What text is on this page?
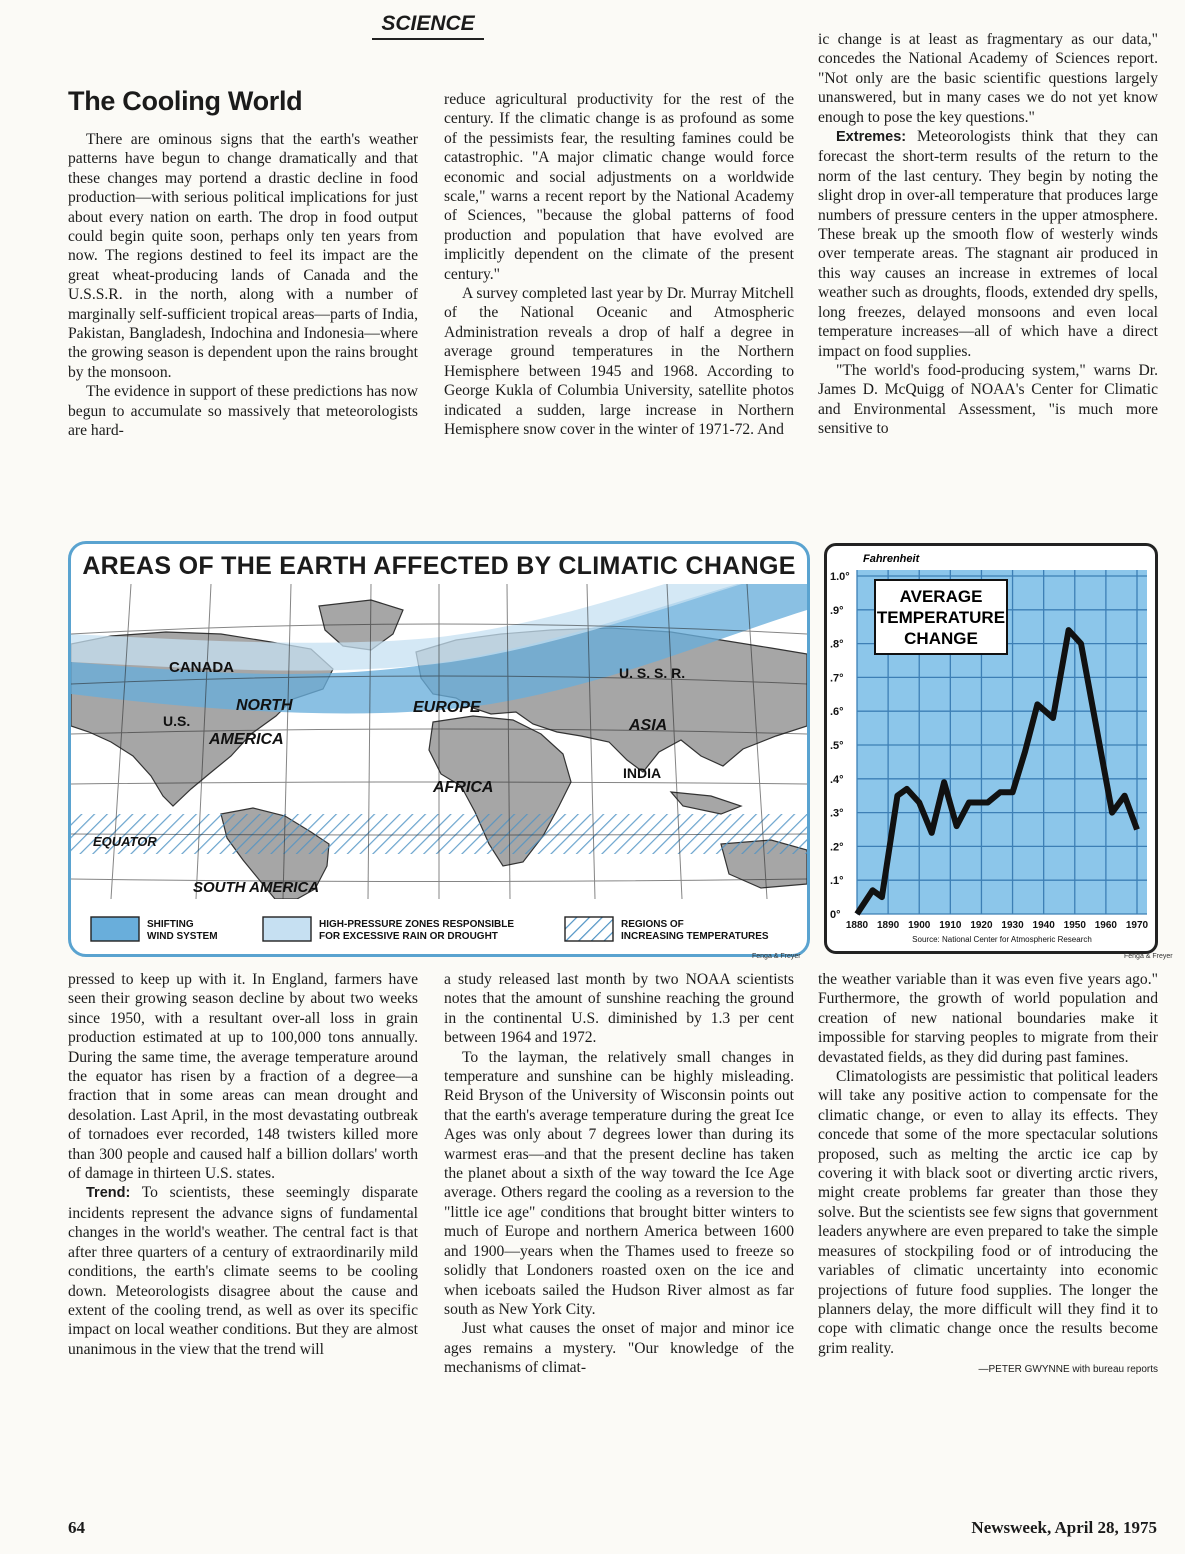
SCIENCE
The Cooling World

There are ominous signs that the earth's weather patterns have begun to change dramatically and that these changes may portend a drastic decline in food production—with serious political implications for just about every nation on earth. The drop in food output could begin quite soon, perhaps only ten years from now. The regions destined to feel its impact are the great wheat-producing lands of Canada and the U.S.S.R. in the north, along with a number of marginally self-sufficient tropical areas—parts of India, Pakistan, Bangladesh, Indochina and Indonesia—where the growing season is dependent upon the rains brought by the monsoon.

The evidence in support of these predictions has now begun to accumulate so massively that meteorologists are hard-

reduce agricultural productivity for the rest of the century. If the climatic change is as profound as some of the pessimists fear, the resulting famines could be catastrophic. "A major climatic change would force economic and social adjustments on a worldwide scale," warns a recent report by the National Academy of Sciences, "because the global patterns of food production and population that have evolved are implicitly dependent on the climate of the present century."

A survey completed last year by Dr. Murray Mitchell of the National Oceanic and Atmospheric Administration reveals a drop of half a degree in average ground temperatures in the Northern Hemisphere between 1945 and 1968. According to George Kukla of Columbia University, satellite photos indicated a sudden, large increase in Northern Hemisphere snow cover in the winter of 1971-72. And

ic change is at least as fragmentary as our data," concedes the National Academy of Sciences report. "Not only are the basic scientific questions largely unanswered, but in many cases we do not yet know enough to pose the key questions."

Extremes: Meteorologists think that they can forecast the short-term results of the return to the norm of the last century. They begin by noting the slight drop in over-all temperature that produces large numbers of pressure centers in the upper atmosphere. These break up the smooth flow of westerly winds over temperate areas. The stagnant air produced in this way causes an increase in extremes of local weather such as droughts, floods, extended dry spells, long freezes, delayed monsoons and even local temperature increases—all of which have a direct impact on food supplies.

"The world's food-producing system," warns Dr. James D. McQuigg of NOAA's Center for Climatic and Environmental Assessment, "is much more sensitive to

AREAS OF THE EARTH AFFECTED BY CLIMATIC CHANGE
CANADA
NORTH
U.S.
AMERICA
EUROPE
U. S. S. R.
ASIA
INDIA
AFRICA
EQUATOR
SOUTH AMERICA
SHIFTING
WIND SYSTEM
HIGH-PRESSURE ZONES RESPONSIBLE
FOR EXCESSIVE RAIN OR DROUGHT
REGIONS OF
INCREASING TEMPERATURES
Fenga & Freyer
0°
.1°
.2°
.3°
.4°
.5°
.6°
.7°
.8°
.9°
1.0°
1880 1890 1900 1910 1920 1930 1940 1950 1960 1970
Fahrenheit
AVERAGE
TEMPERATURE
CHANGE
Source: National Center for Atmospheric Research
Fenga & Freyer

pressed to keep up with it. In England, farmers have seen their growing season decline by about two weeks since 1950, with a resultant over-all loss in grain production estimated at up to 100,000 tons annually. During the same time, the average temperature around the equator has risen by a fraction of a degree—a fraction that in some areas can mean drought and desolation. Last April, in the most devastating outbreak of tornadoes ever recorded, 148 twisters killed more than 300 people and caused half a billion dollars' worth of damage in thirteen U.S. states.

Trend: To scientists, these seemingly disparate incidents represent the advance signs of fundamental changes in the world's weather. The central fact is that after three quarters of a century of extraordinarily mild conditions, the earth's climate seems to be cooling down. Meteorologists disagree about the cause and extent of the cooling trend, as well as over its specific impact on local weather conditions. But they are almost unanimous in the view that the trend will

a study released last month by two NOAA scientists notes that the amount of sunshine reaching the ground in the continental U.S. diminished by 1.3 per cent between 1964 and 1972.

To the layman, the relatively small changes in temperature and sunshine can be highly misleading. Reid Bryson of the University of Wisconsin points out that the earth's average temperature during the great Ice Ages was only about 7 degrees lower than during its warmest eras—and that the present decline has taken the planet about a sixth of the way toward the Ice Age average. Others regard the cooling as a reversion to the "little ice age" conditions that brought bitter winters to much of Europe and northern America between 1600 and 1900—years when the Thames used to freeze so solidly that Londoners roasted oxen on the ice and when iceboats sailed the Hudson River almost as far south as New York City.

Just what causes the onset of major and minor ice ages remains a mystery. "Our knowledge of the mechanisms of climat-

the weather variable than it was even five years ago." Furthermore, the growth of world population and creation of new national boundaries make it impossible for starving peoples to migrate from their devastated fields, as they did during past famines.

Climatologists are pessimistic that political leaders will take any positive action to compensate for the climatic change, or even to allay its effects. They concede that some of the more spectacular solutions proposed, such as melting the arctic ice cap by covering it with black soot or diverting arctic rivers, might create problems far greater than those they solve. But the scientists see few signs that government leaders anywhere are even prepared to take the simple measures of stockpiling food or of introducing the variables of climatic uncertainty into economic projections of future food supplies. The longer the planners delay, the more difficult will they find it to cope with climatic change once the results become grim reality.

—PETER GWYNNE with bureau reports
64	Newsweek, April 28, 1975
